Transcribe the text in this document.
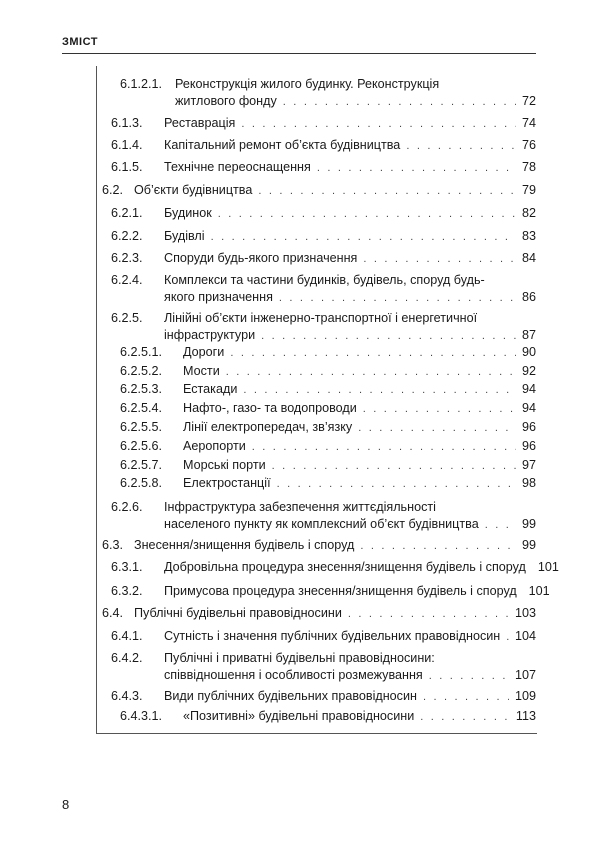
ЗМІСТ
6.1.2.1. Реконструкція жилого будинку. Реконструкція
житлового фонду . . .	72
6.1.3. Реставрація . . .	74
6.1.4. Капітальний ремонт об’єкта будівництва . . .	76
6.1.5. Технічне переоснащення . . .	78
6.2. Об’єкти будівництва . . .	79
6.2.1. Будинок . . .	82
6.2.2. Будівлі . . .	83
6.2.3. Споруди будь-якого призначення . . .	84
6.2.4. Комплекси та частини будинків, будівель, споруд будь-
якого призначення . . .	86
6.2.5. Лінійні об’єкти інженерно-транспортної і енергетичної
інфраструктури . . .	87
6.2.5.1. Дороги . . .	90
6.2.5.2. Мости . . .	92
6.2.5.3. Естакади . . .	94
6.2.5.4. Нафто-, газо- та водопроводи . . .	94
6.2.5.5. Лінії електропередач, зв’язку . . .	96
6.2.5.6. Аеропорти . . .	96
6.2.5.7. Морські порти . . .	97
6.2.5.8. Електростанції . . .	98
6.2.6. Інфраструктура забезпечення життєдіяльності
населеного пункту як комплексний об’єкт будівництва . . .	99
6.3. Знесення/знищення будівель і споруд . . .	99
6.3.1. Добровільна процедура знесення/знищення будівель і споруд 101
6.3.2. Примусова процедура знесення/знищення будівель і споруд 101
6.4. Публічні будівельні правовідносини . . .	103
6.4.1. Сутність і значення публічних будівельних правовідносин . . . 104
6.4.2. Публічні і приватні будівельні правовідносини:
співвідношення і особливості розмежування . . .	107
6.4.3. Види публічних будівельних правовідносин . . .	109
6.4.3.1. «Позитивні» будівельні правовідносини . . .	113
8
